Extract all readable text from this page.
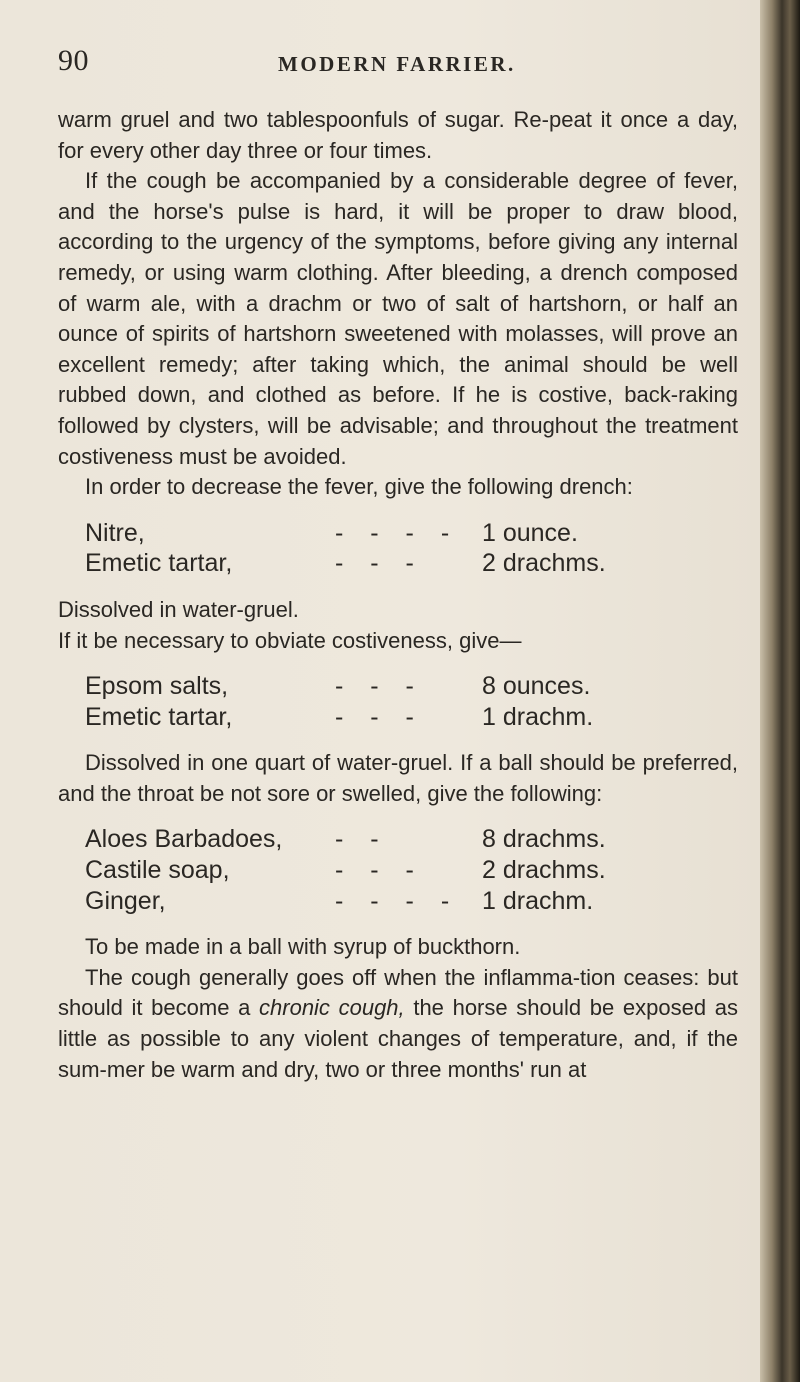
90	MODERN FARRIER.

warm gruel and two tablespoonfuls of sugar. Re-peat it once a day, for every other day three or four times.

If the cough be accompanied by a considerable degree of fever, and the horse's pulse is hard, it will be proper to draw blood, according to the urgency of the symptoms, before giving any internal remedy, or using warm clothing. After bleeding, a drench composed of warm ale, with a drachm or two of salt of hartshorn, or half an ounce of spirits of hartshorn sweetened with molasses, will prove an excellent remedy; after taking which, the animal should be well rubbed down, and clothed as before. If he is costive, back-raking followed by clysters, will be advisable; and throughout the treatment costiveness must be avoided.

In order to decrease the fever, give the following drench:

Nitre,	- - - - 1 ounce.
Emetic tartar,	- - -	2 drachms.

Dissolved in water-gruel.

If it be necessary to obviate costiveness, give—

Epsom salts,	- - -	8 ounces.
Emetic tartar,	- - -	1 drachm.

Dissolved in one quart of water-gruel. If a ball should be preferred, and the throat be not sore or swelled, give the following:

Aloes Barbadoes,	- -	8 drachms.
Castile soap,	- - -	2 drachms.
Ginger,	- - - - 1 drachm.

To be made in a ball with syrup of buckthorn.

The cough generally goes off when the inflamma-tion ceases: but should it become a chronic cough, the horse should be exposed as little as possible to any violent changes of temperature, and, if the sum-mer be warm and dry, two or three months' run at
